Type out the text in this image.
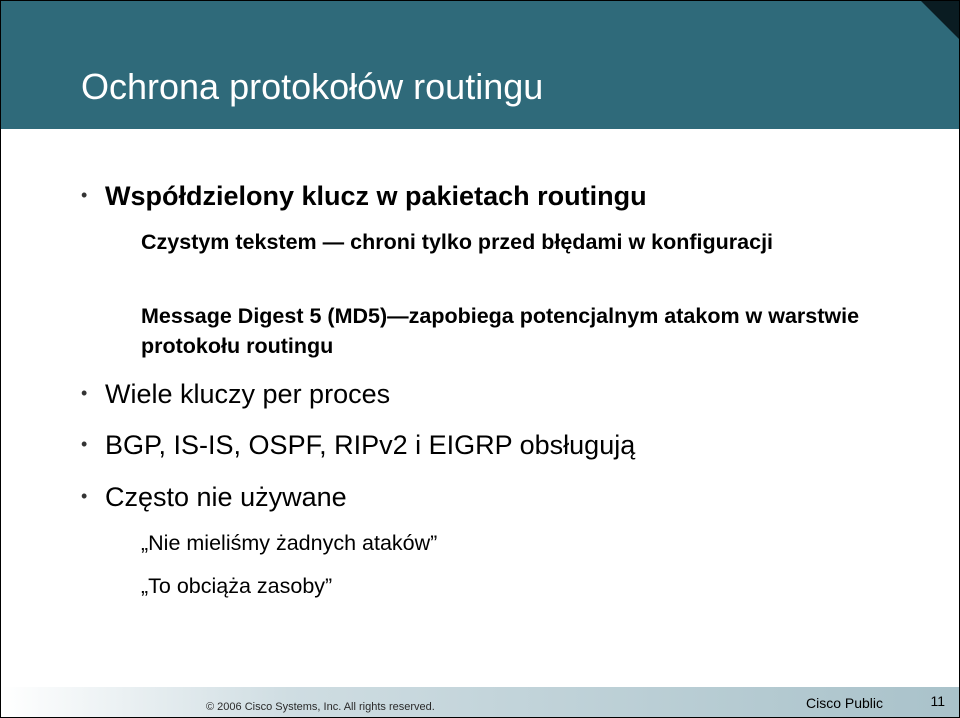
Ochrona protokołów routingu
• Współdzielony klucz w pakietach routingu
Czystym tekstem — chroni tylko przed błędami w konfiguracji
Message Digest 5 (MD5)—zapobiega potencjalnym atakom w warstwie protokołu routingu
• Wiele kluczy per proces
• BGP, IS-IS, OSPF, RIPv2 i EIGRP obsługują
• Często nie używane
„Nie mieliśmy żadnych ataków”
„To obciąża zasoby”
© 2006 Cisco Systems, Inc. All rights reserved.	Cisco Public	11
